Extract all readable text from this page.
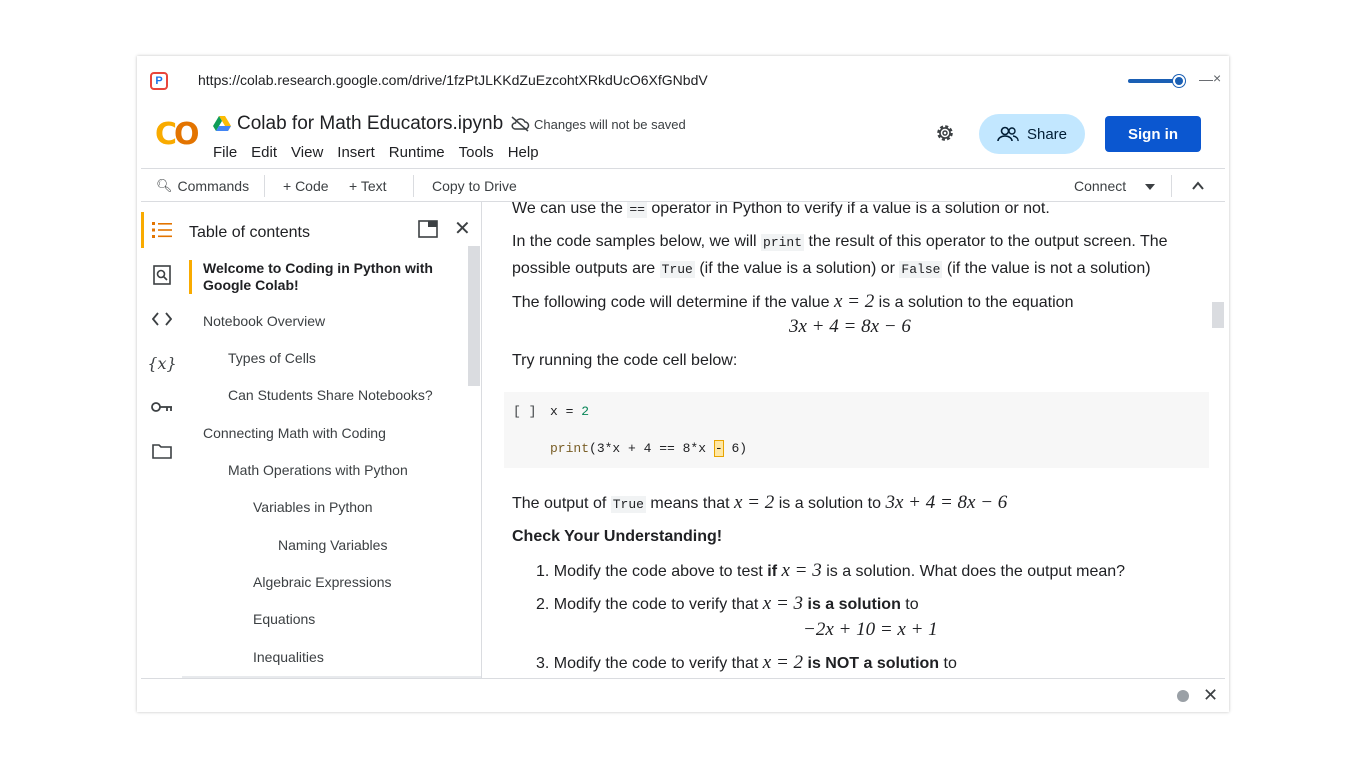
P	https://colab.research.google.com/drive/1fzPtJLKKdZuEzcohtXRkdUcO6XfGNbdV	— ×
CO Colab for Math Educators.ipynb Changes will not be saved
File Edit View Insert Runtime Tools Help
Share	Sign in
🔍︎ Commands + Code + Text	Copy to Drive	Connect
{x}
Table of contents	✕
Welcome to Coding in Python with Google Colab!
Notebook Overview
Types of Cells
Can Students Share Notebooks?
Connecting Math with Coding
Math Operations with Python
Variables in Python
Naming Variables
Algebraic Expressions
Equations
Inequalities

We can use the == operator in Python to verify if a value is a solution or not.

In the code samples below, we will print the result of this operator to the output screen. The
possible outputs are True (if the value is a solution) or False (if the value is not a solution)

The following code will determine if the value x = 2 is a solution to the equation

3x + 4 = 8x − 6

Try running the code cell below:

[ ] x = 2
print(3*x + 4 == 8*x - 6)

The output of True means that x = 2 is a solution to 3x + 4 = 8x − 6

Check Your Understanding!

1. Modify the code above to test if x = 3 is a solution. What does the output mean?

2. Modify the code to verify that x = 3 is a solution to

−2x + 10 = x + 1

3. Modify the code to verify that x = 2 is NOT a solution to

✕
